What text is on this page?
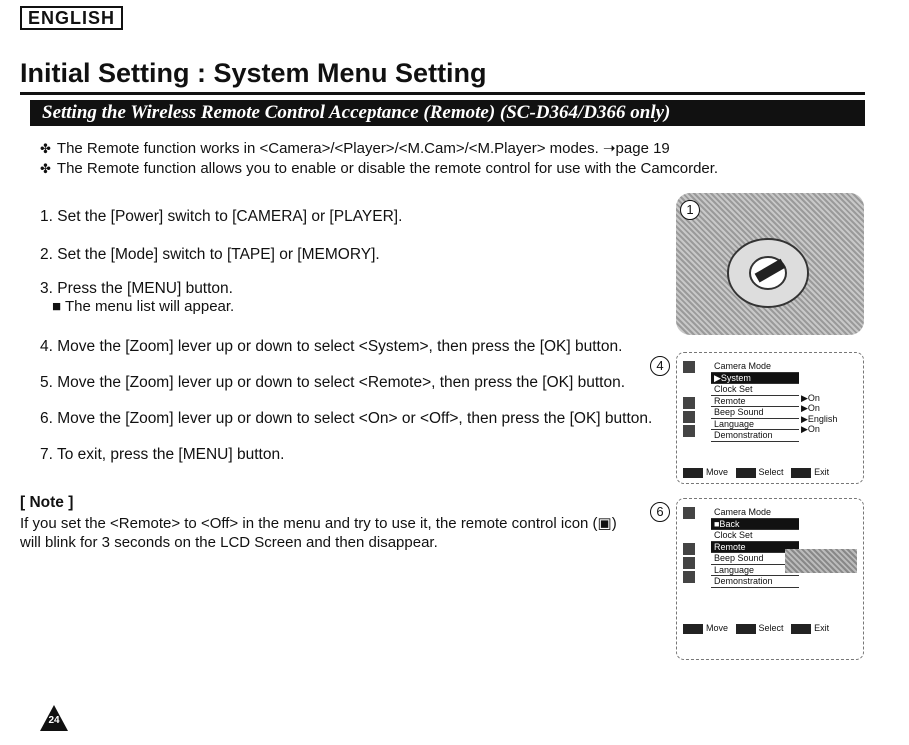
ENGLISH
Initial Setting : System Menu Setting
Setting the Wireless Remote Control Acceptance (Remote) (SC-D364/D366 only)
✤ The Remote function works in <Camera>/<Player>/<M.Cam>/<M.Player> modes. ➝page 19
✤ The Remote function allows you to enable or disable the remote control for use with the Camcorder.
1. Set the [Power] switch to [CAMERA] or [PLAYER].
2. Set the [Mode] switch to [TAPE] or [MEMORY].
3. Press the [MENU] button.
■ The menu list will appear.
4. Move the [Zoom] lever up or down to select <System>, then press the [OK] button.
5. Move the [Zoom] lever up or down to select <Remote>, then press the [OK] button.
6. Move the [Zoom] lever up or down to select <On> or <Off>, then press the [OK] button.
7. To exit, press the [MENU] button.
[ Note ]
If you set the <Remote> to <Off> in the menu and try to use it, the remote control icon (▣) will blink for 3 seconds on the LCD Screen and then disappear.
1
4	Camera Mode
▶System
Clock Set
Remote
Beep Sound
Language
Demonstration
▶On
▶On
▶English
▶On
Move	Select	Exit
6	Camera Mode
■Back
Clock Set
Remote
Beep Sound
Language
Demonstration
Move	Select	Exit
24
